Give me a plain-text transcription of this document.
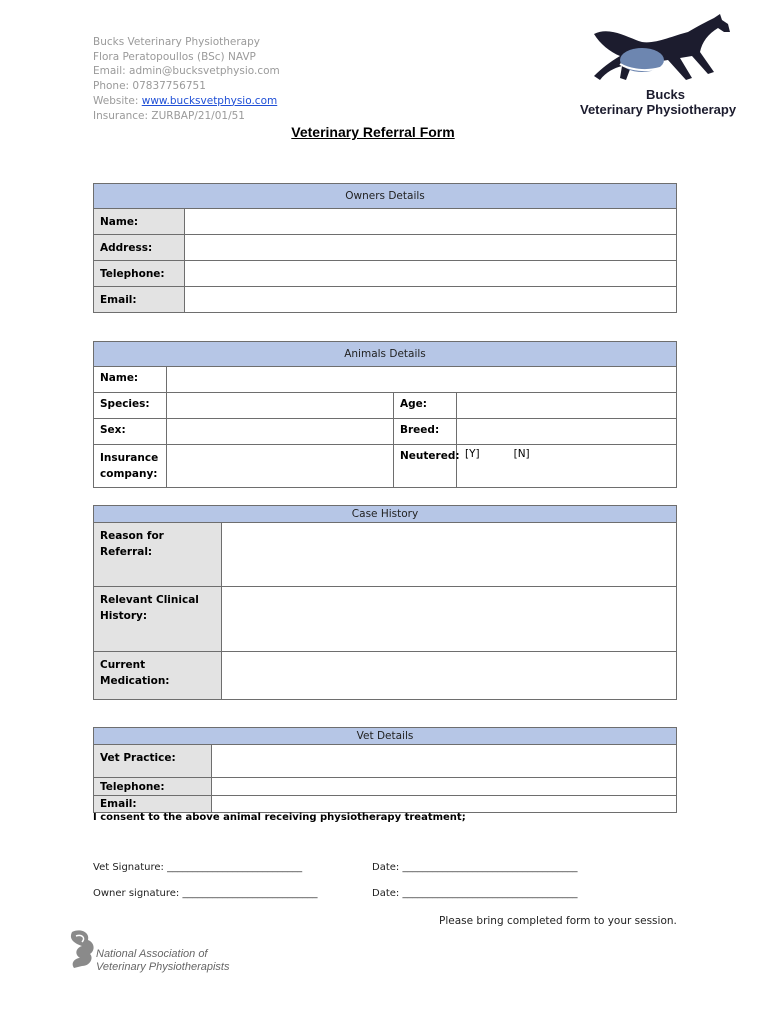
Bucks Veterinary Physiotherapy
Flora Peratopoullos (BSc) NAVP
Email: admin@bucksvetphysio.com
Phone: 07837756751
Website: www.bucksvetphysio.com
Insurance: ZURBAP/21/01/51
Bucks
Veterinary Physiotherapy
Veterinary Referral Form
Owners Details	
Name:	
Address:	
Telephone:	
Email:	
Animals Details			
Name:			
Species:		Age:	
Sex:		Breed:	
Insurance company:		Neutered:	[Y] [N]
Case History	
Reason for Referral:	
Relevant Clinical History:	
Current Medication:	
Vet Details	
Vet Practice:	
Telephone:	
Email:	
I consent to the above animal receiving physiotherapy treatment;
Vet Signature: ___________________________	Date: ___________________________________
Owner signature: ___________________________	Date: ___________________________________
Please bring completed form to your session.
National Association of
Veterinary Physiotherapists
